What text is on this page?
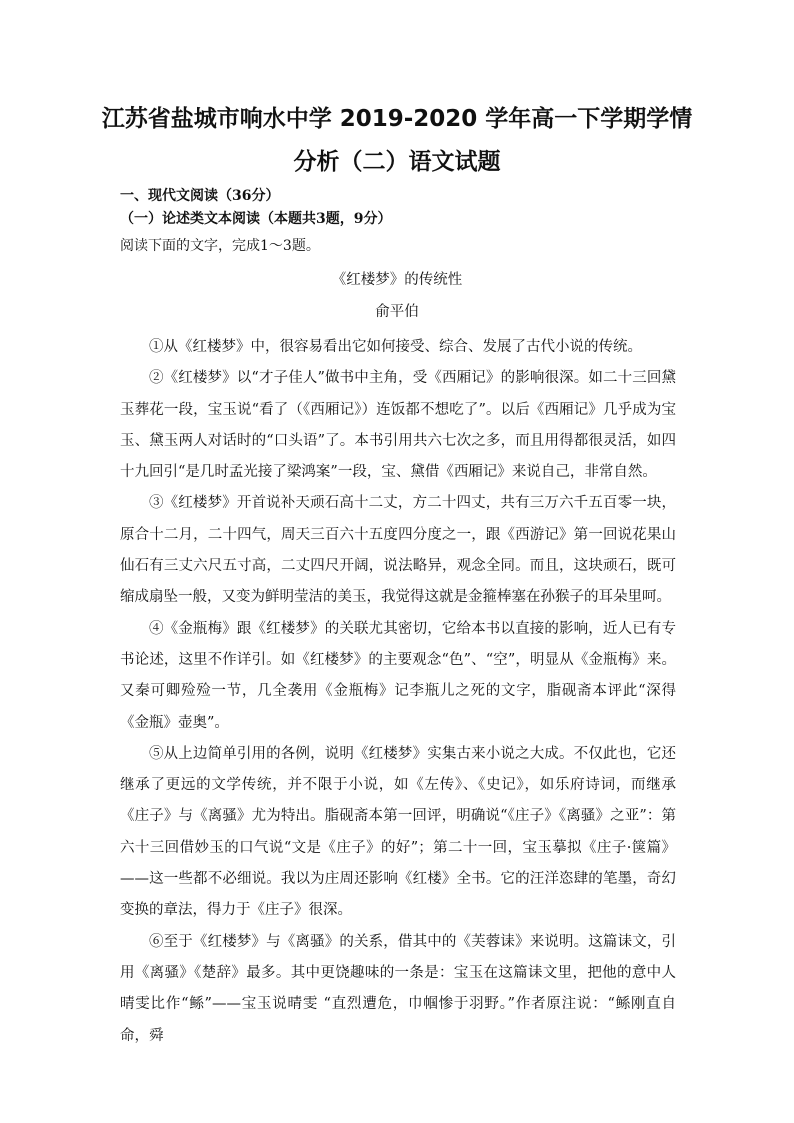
江苏省盐城市响水中学 2019-2020 学年高一下学期学情
分析（二）语文试题
一、现代文阅读（36分）
（一）论述类文本阅读（本题共3题，9分）
阅读下面的文字，完成1～3题。
《红楼梦》的传统性
俞平伯

①从《红楼梦》中，很容易看出它如何接受、综合、发展了古代小说的传统。

②《红楼梦》以“才子佳人”做书中主角，受《西厢记》的影响很深。如二十三回黛玉葬花一段，宝玉说“看了（《西厢记》）连饭都不想吃了”。以后《西厢记》几乎成为宝玉、黛玉两人对话时的“口头语”了。本书引用共六七次之多，而且用得都很灵活，如四十九回引“是几时孟光接了梁鸿案”一段，宝、黛借《西厢记》来说自己，非常自然。

③《红楼梦》开首说补天顽石高十二丈，方二十四丈，共有三万六千五百零一块，原合十二月，二十四气，周天三百六十五度四分度之一，跟《西游记》第一回说花果山仙石有三丈六尺五寸高，二丈四尺开阔，说法略异，观念全同。而且，这块顽石，既可缩成扇坠一般，又变为鲜明莹洁的美玉，我觉得这就是金箍棒塞在孙猴子的耳朵里呵。

④《金瓶梅》跟《红楼梦》的关联尤其密切，它给本书以直接的影响，近人已有专书论述，这里不作详引。如《红楼梦》的主要观念“色”、“空”，明显从《金瓶梅》来。又秦可卿殓殓一节，几全袭用《金瓶梅》记李瓶儿之死的文字，脂砚斋本评此“深得《金瓶》壶奥”。

⑤从上边简单引用的各例，说明《红楼梦》实集古来小说之大成。不仅此也，它还继承了更远的文学传统，并不限于小说，如《左传》、《史记》，如乐府诗词，而继承《庄子》与《离骚》尤为特出。脂砚斋本第一回评，明确说“《庄子》《离骚》之亚”：第六十三回借妙玉的口气说“文是《庄子》的好”；第二十一回，宝玉摹拟《庄子·箧篇》——这一些都不必细说。我以为庄周还影响《红楼》全书。它的汪洋恣肆的笔墨，奇幻变换的章法，得力于《庄子》很深。

⑥至于《红楼梦》与《离骚》的关系，借其中的《芙蓉诔》来说明。这篇诔文，引用《离骚》《楚辞》最多。其中更饶趣味的一条是：宝玉在这篇诔文里，把他的意中人晴雯比作“鲧”——宝玉说晴雯 “直烈遭危，巾帼惨于羽野。”作者原注说：“鲧刚直自命，舜
